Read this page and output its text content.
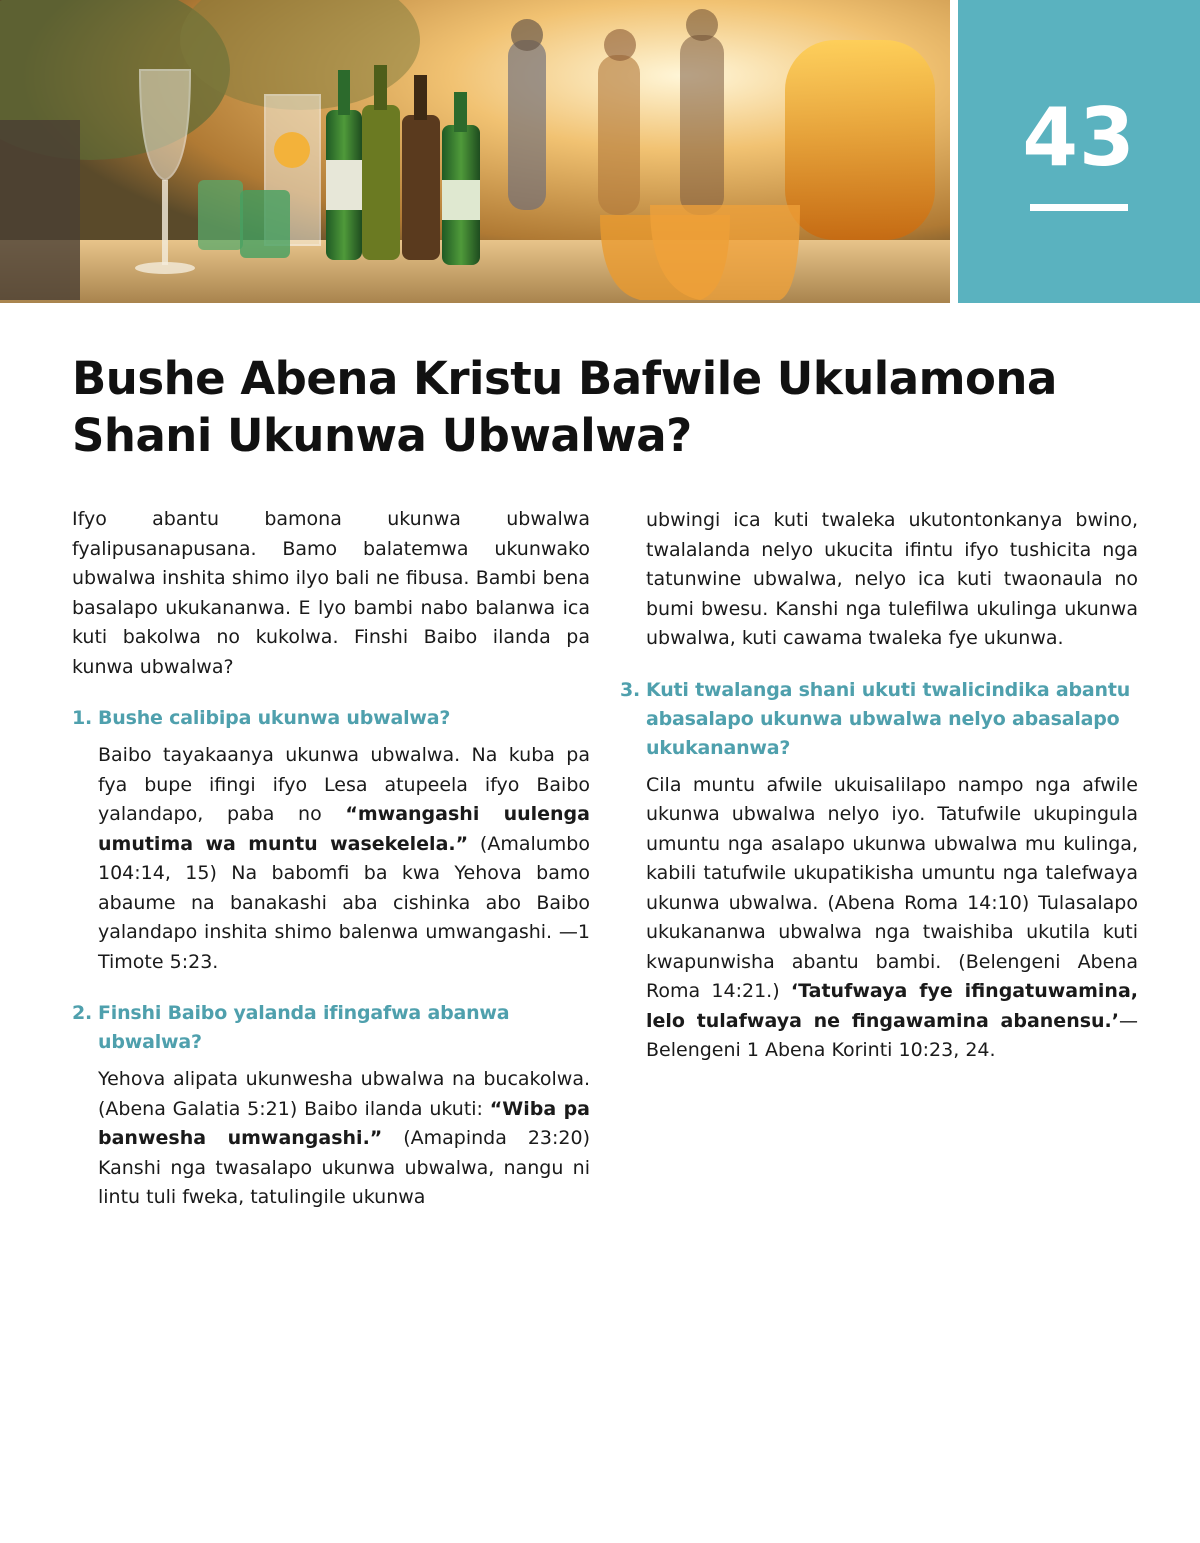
43
Bushe Abena Kristu Bafwile Ukulamona Shani Ukunwa Ubwalwa?

Ifyo abantu bamona ukunwa ubwalwa fyalipusanapusana. Bamo balatemwa ukunwako ubwalwa inshita shimo ilyo bali ne fibusa. Bambi bena basalapo ukukananwa. E lyo bambi nabo balanwa ica kuti bakolwa no kukolwa. Finshi Baibo ilanda pa kunwa ubwalwa?

1. Bushe calibipa ukunwa ubwalwa?

Baibo tayakaanya ukunwa ubwalwa. Na kuba pa fya bupe ifingi ifyo Lesa atupeela ifyo Baibo yalandapo, paba no “mwangashi uulenga umutima wa muntu wasekelela.” (Amalumbo 104:14, 15) Na babomfi ba kwa Yehova bamo abaume na banakashi aba cishinka abo Baibo yalandapo inshita shimo balenwa umwangashi. —1 Timote 5:23.

2. Finshi Baibo yalanda ifingafwa abanwa ubwalwa?

Yehova alipata ukunwesha ubwalwa na bucakolwa. (Abena Galatia 5:21) Baibo ilanda ukuti: “Wiba pa banwesha umwangashi.” (Amapinda 23:20) Kanshi nga twasalapo ukunwa ubwalwa, nangu ni lintu tuli fweka, tatulingile ukunwa

ubwingi ica kuti twaleka ukutontonkanya bwino, twalalanda nelyo ukucita ifintu ifyo tushicita nga tatunwine ubwalwa, nelyo ica kuti twaonaula no bumi bwesu. Kanshi nga tulefilwa ukulinga ukunwa ubwalwa, kuti cawama twaleka fye ukunwa.

3. Kuti twalanga shani ukuti twalicindika abantu abasalapo ukunwa ubwalwa nelyo abasalapo ukukananwa?

Cila muntu afwile ukuisalilapo nampo nga afwile ukunwa ubwalwa nelyo iyo. Tatufwile ukupingula umuntu nga asalapo ukunwa ubwalwa mu kulinga, kabili tatufwile ukupatikisha umuntu nga talefwaya ukunwa ubwalwa. (Abena Roma 14:10) Tulasalapo ukukananwa ubwalwa nga twaishiba ukutila kuti kwapunwisha abantu bambi. (Belengeni Abena Roma 14:21.) ‘Tatufwaya fye ifingatuwamina, lelo tulafwaya ne fingawamina abanensu.’—Belengeni 1 Abena Korinti 10:23, 24.
